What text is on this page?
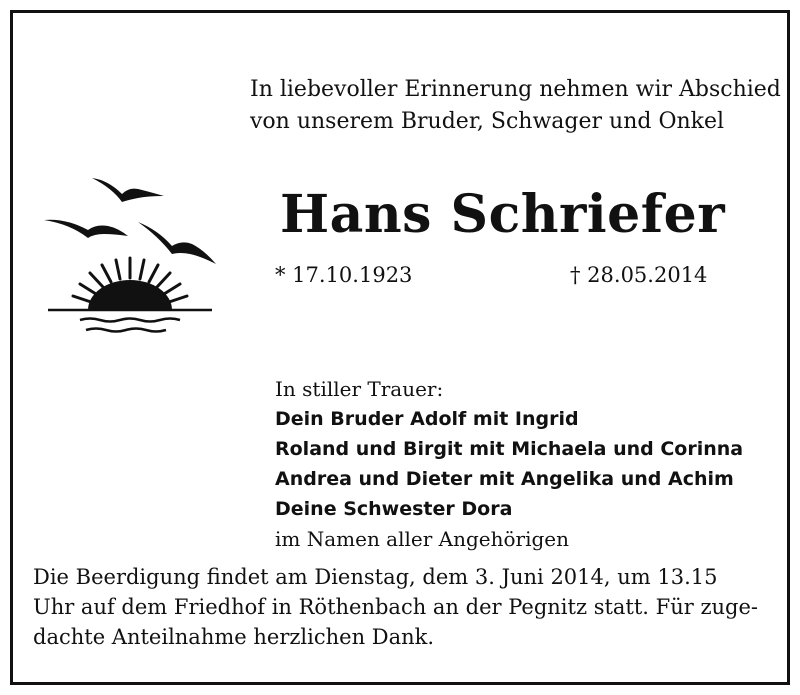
In liebevoller Erinnerung nehmen wir Abschied
von unserem Bruder, Schwager und Onkel
Hans Schriefer
* 17.10.1923	† 28.05.2014
In stiller Trauer:
Dein Bruder Adolf mit Ingrid
Roland und Birgit mit Michaela und Corinna
Andrea und Dieter mit Angelika und Achim
Deine Schwester Dora
im Namen aller Angehörigen
Die Beerdigung findet am Dienstag, dem 3. Juni 2014, um 13.15
Uhr auf dem Friedhof in Röthenbach an der Pegnitz statt. Für zuge-
dachte Anteilnahme herzlichen Dank.
